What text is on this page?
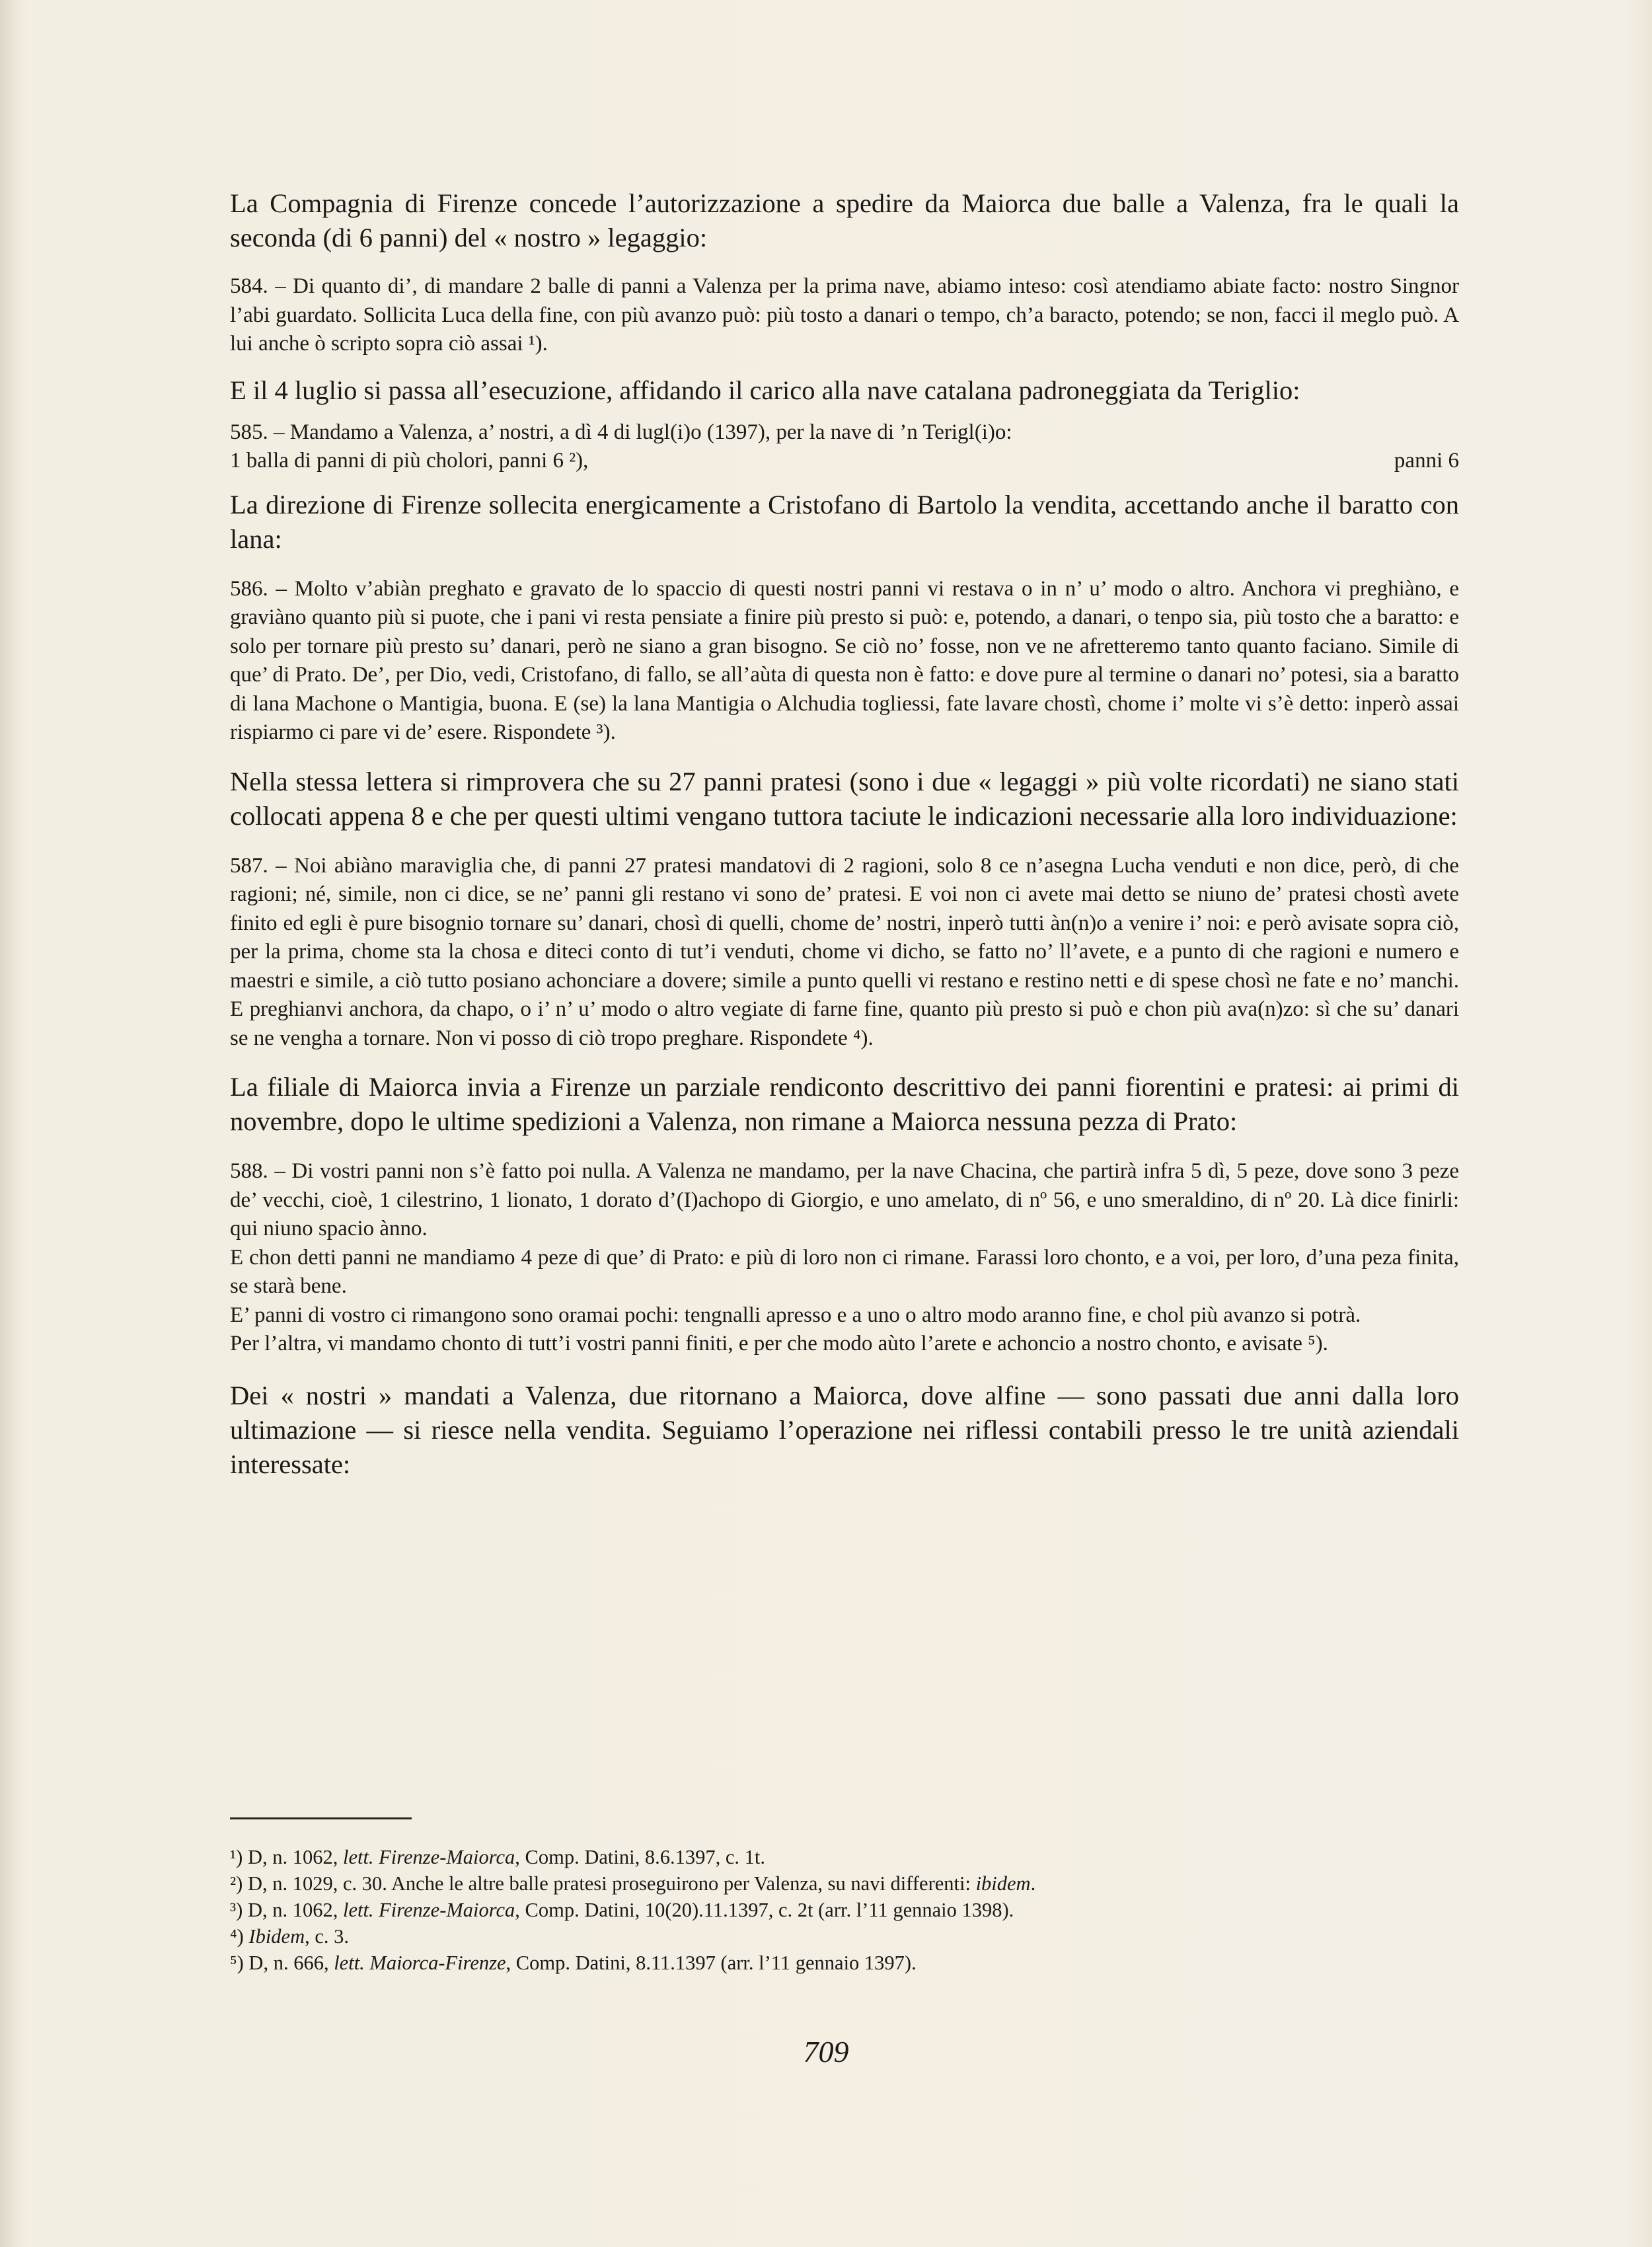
La Compagnia di Firenze concede l’autorizzazione a spedire da Maiorca due balle a Valenza, fra le quali la seconda (di 6 panni) del « nostro » legaggio:

584. – Di quanto di’, di mandare 2 balle di panni a Valenza per la prima nave, abiamo inteso: così atendiamo abiate facto: nostro Singnor l’abi guardato. Sollicita Luca della fine, con più avanzo può: più tosto a danari o tempo, ch’a baracto, potendo; se non, facci il meglo può. A lui anche ò scripto sopra ciò assai ¹).

E il 4 luglio si passa all’esecuzione, affidando il carico alla nave catalana padroneggiata da Teriglio:

585. – Mandamo a Valenza, a’ nostri, a dì 4 di lugl(i)o (1397), per la nave di ’n Terigl(i)o:

1 balla di panni di più cholori, panni 6 ²),	panni 6

La direzione di Firenze sollecita energicamente a Cristofano di Bartolo la vendita, accettando anche il baratto con lana:

586. – Molto v’abiàn preghato e gravato de lo spaccio di questi nostri panni vi restava o in n’ u’ modo o altro. Anchora vi preghiàno, e graviàno quanto più si puote, che i pani vi resta pensiate a finire più presto si può: e, potendo, a danari, o tenpo sia, più tosto che a baratto: e solo per tornare più presto su’ danari, però ne siano a gran bisogno. Se ciò no’ fosse, non ve ne afretteremo tanto quanto faciano. Simile di que’ di Prato. De’, per Dio, vedi, Cristofano, di fallo, se all’aùta di questa non è fatto: e dove pure al termine o danari no’ potesi, sia a baratto di lana Machone o Mantigia, buona. E (se) la lana Mantigia o Alchudia togliessi, fate lavare chostì, chome i’ molte vi s’è detto: inperò assai rispiarmo ci pare vi de’ esere. Rispondete ³).

Nella stessa lettera si rimprovera che su 27 panni pratesi (sono i due « legaggi » più volte ricordati) ne siano stati collocati appena 8 e che per questi ultimi vengano tuttora taciute le indicazioni necessarie alla loro individuazione:

587. – Noi abiàno maraviglia che, di panni 27 pratesi mandatovi di 2 ragioni, solo 8 ce n’asegna Lucha venduti e non dice, però, di che ragioni; né, simile, non ci dice, se ne’ panni gli restano vi sono de’ pratesi. E voi non ci avete mai detto se niuno de’ pratesi chostì avete finito ed egli è pure bisognio tornare su’ danari, chosì di quelli, chome de’ nostri, inperò tutti àn(n)o a venire i’ noi: e però avisate sopra ciò, per la prima, chome sta la chosa e diteci conto di tut’i venduti, chome vi dicho, se fatto no’ ll’avete, e a punto di che ragioni e numero e maestri e simile, a ciò tutto posiano achonciare a dovere; simile a punto quelli vi restano e restino netti e di spese chosì ne fate e no’ manchi. E preghianvi anchora, da chapo, o i’ n’ u’ modo o altro vegiate di farne fine, quanto più presto si può e chon più ava(n)zo: sì che su’ danari se ne vengha a tornare. Non vi posso di ciò tropo preghare. Rispondete ⁴).

La filiale di Maiorca invia a Firenze un parziale rendiconto descrittivo dei panni fiorentini e pratesi: ai primi di novembre, dopo le ultime spedizioni a Valenza, non rimane a Maiorca nessuna pezza di Prato:

588. – Di vostri panni non s’è fatto poi nulla. A Valenza ne mandamo, per la nave Chacina, che partirà infra 5 dì, 5 peze, dove sono 3 peze de’ vecchi, cioè, 1 cilestrino, 1 lionato, 1 dorato d’(I)achopo di Giorgio, e uno amelato, di nº 56, e uno smeraldino, di nº 20. Là dice finirli: qui niuno spacio ànno.

E chon detti panni ne mandiamo 4 peze di que’ di Prato: e più di loro non ci rimane. Farassi loro chonto, e a voi, per loro, d’una peza finita, se starà bene.

E’ panni di vostro ci rimangono sono oramai pochi: tengnalli apresso e a uno o altro modo aranno fine, e chol più avanzo si potrà.

Per l’altra, vi mandamo chonto di tutt’i vostri panni finiti, e per che modo aùto l’arete e achoncio a nostro chonto, e avisate ⁵).

Dei « nostri » mandati a Valenza, due ritornano a Maiorca, dove alfine — sono passati due anni dalla loro ultimazione — si riesce nella vendita. Seguiamo l’operazione nei riflessi contabili presso le tre unità aziendali interessate:

¹) D, n. 1062, lett. Firenze-Maiorca, Comp. Datini, 8.6.1397, c. 1t.
²) D, n. 1029, c. 30. Anche le altre balle pratesi proseguirono per Valenza, su navi differenti: ibidem.
³) D, n. 1062, lett. Firenze-Maiorca, Comp. Datini, 10(20).11.1397, c. 2t (arr. l’11 gennaio 1398).
⁴) Ibidem, c. 3.
⁵) D, n. 666, lett. Maiorca-Firenze, Comp. Datini, 8.11.1397 (arr. l’11 gennaio 1397).
709
